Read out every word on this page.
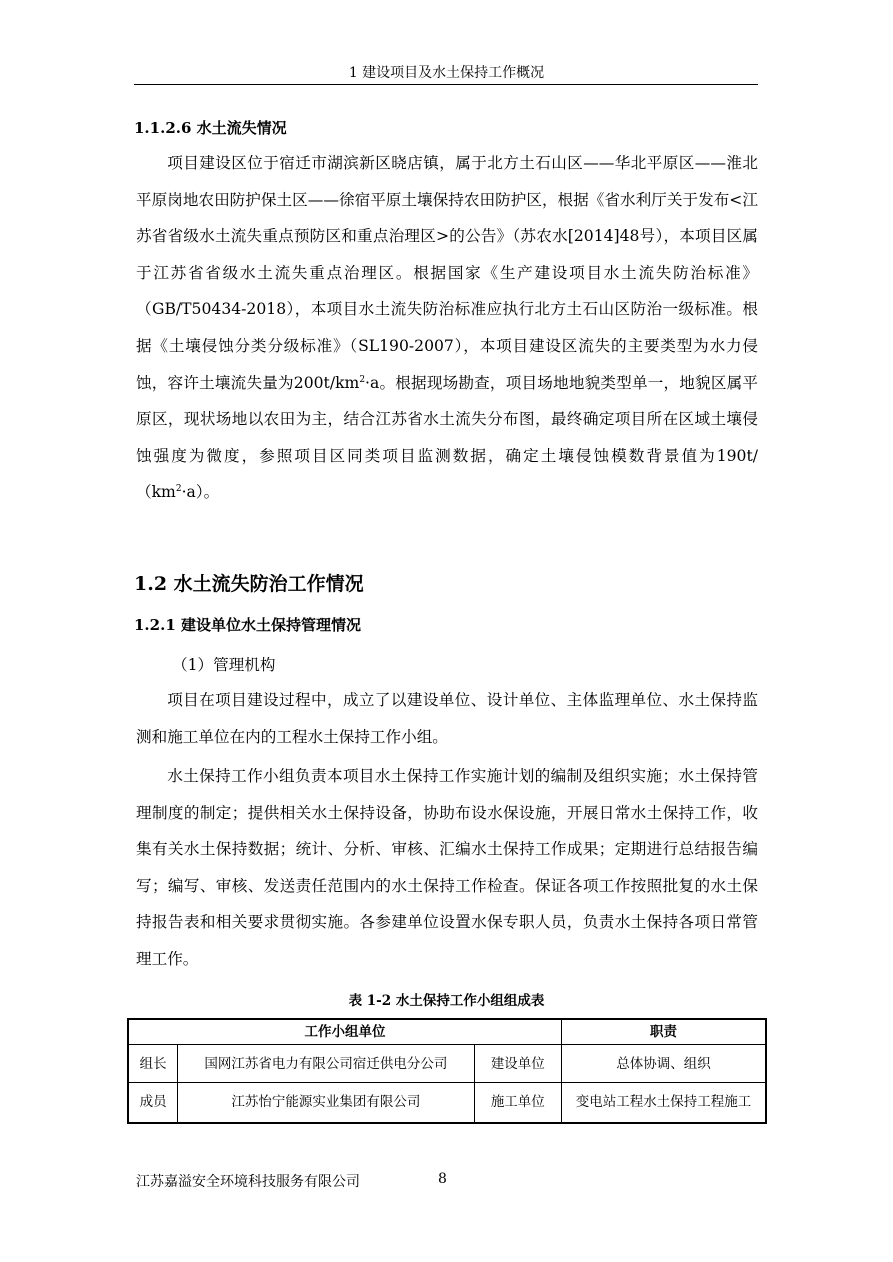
1 建设项目及水土保持工作概况
1.1.2.6 水土流失情况

项目建设区位于宿迁市湖滨新区晓店镇，属于北方土石山区——华北平原区——淮北平原岗地农田防护保土区——徐宿平原土壤保持农田防护区，根据《省水利厅关于发布<江苏省省级水土流失重点预防区和重点治理区>的公告》（苏农水[2014]48号），本项目区属于江苏省省级水土流失重点治理区。根据国家《生产建设项目水土流失防治标准》（GB/T50434-2018），本项目水土流失防治标准应执行北方土石山区防治一级标准。根据《土壤侵蚀分类分级标准》（SL190-2007），本项目建设区流失的主要类型为水力侵蚀，容许土壤流失量为$200t/km^2\cdot a$。根据现场勘查，项目场地地貌类型单一，地貌区属平原区，现状场地以农田为主，结合江苏省水土流失分布图，最终确定项目所在区域土壤侵蚀强度为微度，参照项目区同类项目监测数据，确定土壤侵蚀模数背景值为$190t/(km^2\cdot a)$。

1.2 水土流失防治工作情况
1.2.1 建设单位水土保持管理情况
（1）管理机构

项目在项目建设过程中，成立了以建设单位、设计单位、主体监理单位、水土保持监测和施工单位在内的工程水土保持工作小组。

水土保持工作小组负责本项目水土保持工作实施计划的编制及组织实施；水土保持管理制度的制定；提供相关水土保持设备，协助布设水保设施，开展日常水土保持工作，收集有关水土保持数据；统计、分析、审核、汇编水土保持工作成果；定期进行总结报告编写；编写、审核、发送责任范围内的水土保持工作检查。保证各项工作按照批复的水土保持报告表和相关要求贯彻实施。各参建单位设置水保专职人员，负责水土保持各项日常管理工作。

表 1-2 水土保持工作小组组成表
工作小组单位			职责
组长	国网江苏省电力有限公司宿迁供电分公司	建设单位	总体协调、组织
成员	江苏怡宁能源实业集团有限公司	施工单位	变电站工程水土保持工程施工
江苏嘉溢安全环境科技服务有限公司	8
